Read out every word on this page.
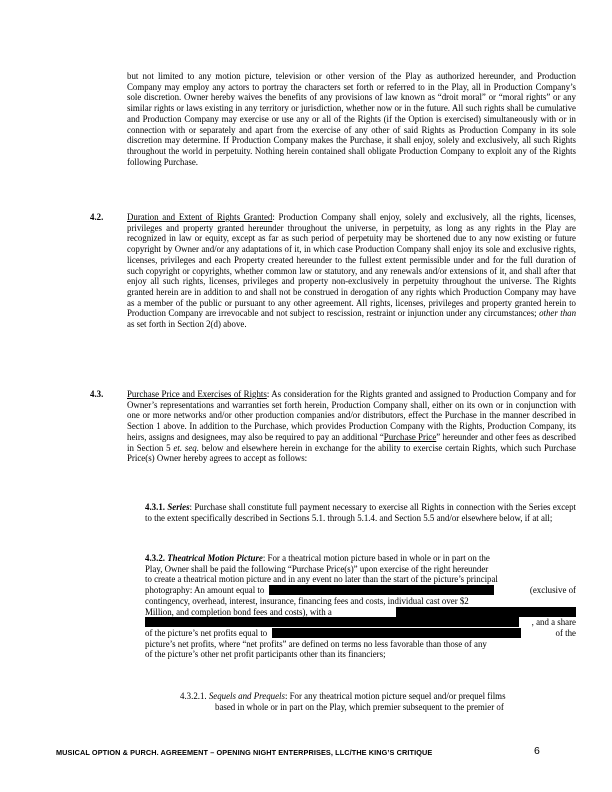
but not limited to any motion picture, television or other version of the Play as authorized hereunder, and Production Company may employ any actors to portray the characters set forth or referred to in the Play, all in Production Company’s sole discretion. Owner hereby waives the benefits of any provisions of law known as “droit moral” or “moral rights” or any similar rights or laws existing in any territory or jurisdiction, whether now or in the future. All such rights shall be cumulative and Production Company may exercise or use any or all of the Rights (if the Option is exercised) simultaneously with or in connection with or separately and apart from the exercise of any other of said Rights as Production Company in its sole discretion may determine. If Production Company makes the Purchase, it shall enjoy, solely and exclusively, all such Rights throughout the world in perpetuity. Nothing herein contained shall obligate Production Company to exploit any of the Rights following Purchase.

4.2.	Duration and Extent of Rights Granted: Production Company shall enjoy, solely and exclusively, all the rights, licenses, privileges and property granted hereunder throughout the universe, in perpetuity, as long as any rights in the Play are recognized in law or equity, except as far as such period of perpetuity may be shortened due to any now existing or future copyright by Owner and/or any adaptations of it, in which case Production Company shall enjoy its sole and exclusive rights, licenses, privileges and each Property created hereunder to the fullest extent permissible under and for the full duration of such copyright or copyrights, whether common law or statutory, and any renewals and/or extensions of it, and shall after that enjoy all such rights, licenses, privileges and property non-exclusively in perpetuity throughout the universe. The Rights granted herein are in addition to and shall not be construed in derogation of any rights which Production Company may have as a member of the public or pursuant to any other agreement. All rights, licenses, privileges and property granted herein to Production Company are irrevocable and not subject to rescission, restraint or injunction under any circumstances; other than as set forth in Section 2(d) above.

4.3.	Purchase Price and Exercises of Rights: As consideration for the Rights granted and assigned to Production Company and for Owner’s representations and warranties set forth herein, Production Company shall, either on its own or in conjunction with one or more networks and/or other production companies and/or distributors, effect the Purchase in the manner described in Section 1 above. In addition to the Purchase, which provides Production Company with the Rights, Production Company, its heirs, assigns and designees, may also be required to pay an additional “Purchase Price” hereunder and other fees as described in Section 5 et. seq. below and elsewhere herein in exchange for the ability to exercise certain Rights, which such Purchase Price(s) Owner hereby agrees to accept as follows:

4.3.1. Series: Purchase shall constitute full payment necessary to exercise all Rights in connection with the Series except to the extent specifically described in Sections 5.1. through 5.1.4. and Section 5.5 and/or elsewhere below, if at all;

4.3.2. Theatrical Motion Picture: For a theatrical motion picture based in whole or in part on the
Play, Owner shall be paid the following “Purchase Price(s)” upon exercise of the right hereunder
to create a theatrical motion picture and in any event no later than the start of the picture’s principal
photography: An amount equal to	(exclusive of
contingency, overhead, interest, insurance, financing fees and costs, individual cast over $2
Million, and completion bond fees and costs), with a
, and a share
of the picture’s net profits equal to	of the
picture’s net profits, where “net profits” are defined on terms no less favorable than those of any
of the picture’s other net profit participants other than its financiers;
4.3.2.1. Sequels and Prequels: For any theatrical motion picture sequel and/or prequel films
based in whole or in part on the Play, which premier subsequent to the premier of
MUSICAL OPTION & PURCH. AGREEMENT – OPENING NIGHT ENTERPRISES, LLC/THE KING’S CRITIQUE	6
